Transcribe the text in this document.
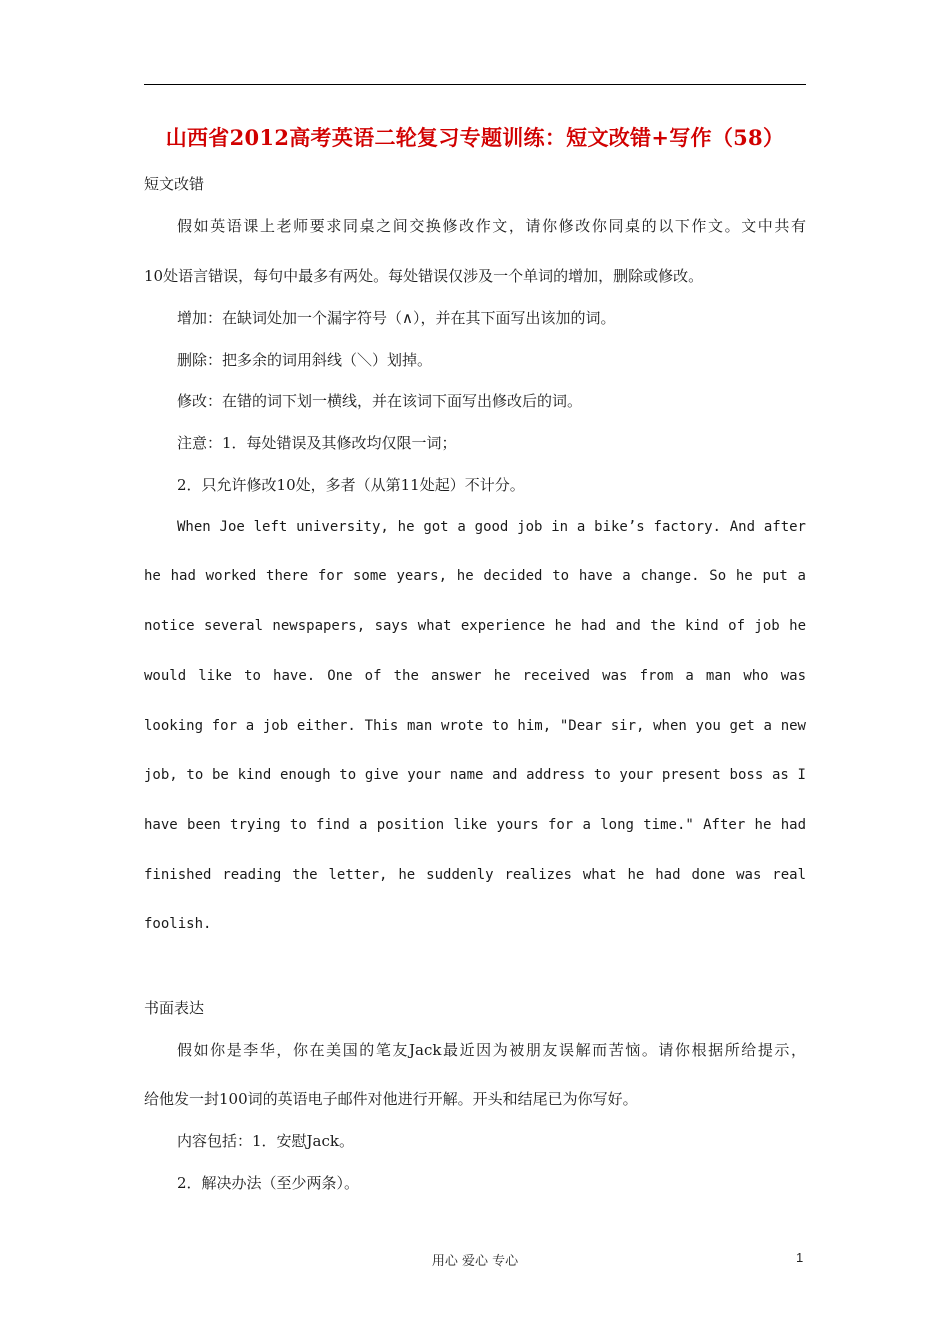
山西省2012高考英语二轮复习专题训练：短文改错+写作（58）
短文改错
假如英语课上老师要求同桌之间交换修改作文，请你修改你同桌的以下作文。文中共有
10处语言错误，每句中最多有两处。每处错误仅涉及一个单词的增加，删除或修改。
增加：在缺词处加一个漏字符号（∧），并在其下面写出该加的词。
删除：把多余的词用斜线（＼）划掉。
修改：在错的词下划一横线，并在该词下面写出修改后的词。
注意：1．每处错误及其修改均仅限一词；
2．只允许修改10处，多者（从第11处起）不计分。
When Joe left university, he got a good job in a bike’s factory. And after
he had worked there for some years, he decided to have a change. So he put a
notice several newspapers, says what experience he had and the kind of job he
would like to have. One of the answer he received was from a man who was
looking for a job either. This man wrote to him, "Dear sir, when you get a new
job, to be kind enough to give your name and address to your present boss as I
have been trying to find a position like yours for a long time." After he had
finished reading the letter, he suddenly realizes what he had done was real
foolish.
书面表达
假如你是李华，你在美国的笔友Jack最近因为被朋友误解而苦恼。请你根据所给提示，
给他发一封100词的英语电子邮件对他进行开解。开头和结尾已为你写好。
内容包括：1．安慰Jack。
2．解决办法（至少两条）。
用心 爱心 专心	1
